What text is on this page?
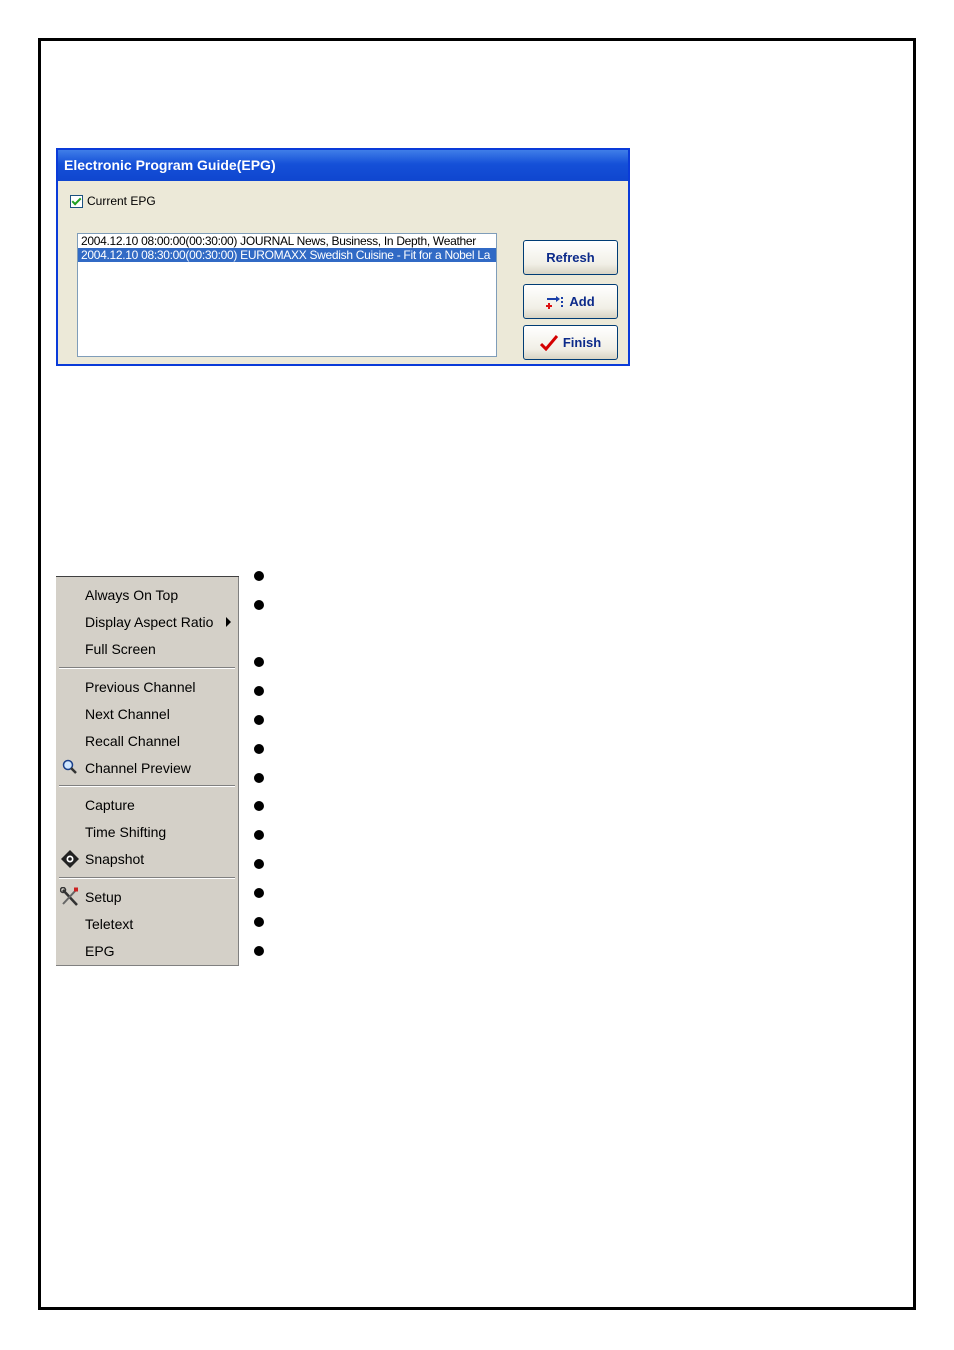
Electronic Program Guide(EPG)
Current EPG
2004.12.10 08:00:00(00:30:00) JOURNAL News, Business, In Depth, Weather
2004.12.10 08:30:00(00:30:00) EUROMAXX Swedish Cuisine - Fit for a Nobel La	Refresh
Add
Finish
Always On Top
Display Aspect Ratio
Full Screen
Previous Channel
Next Channel
Recall Channel
Channel Preview
Capture
Time Shifting
Snapshot
Setup
Teletext
EPG
